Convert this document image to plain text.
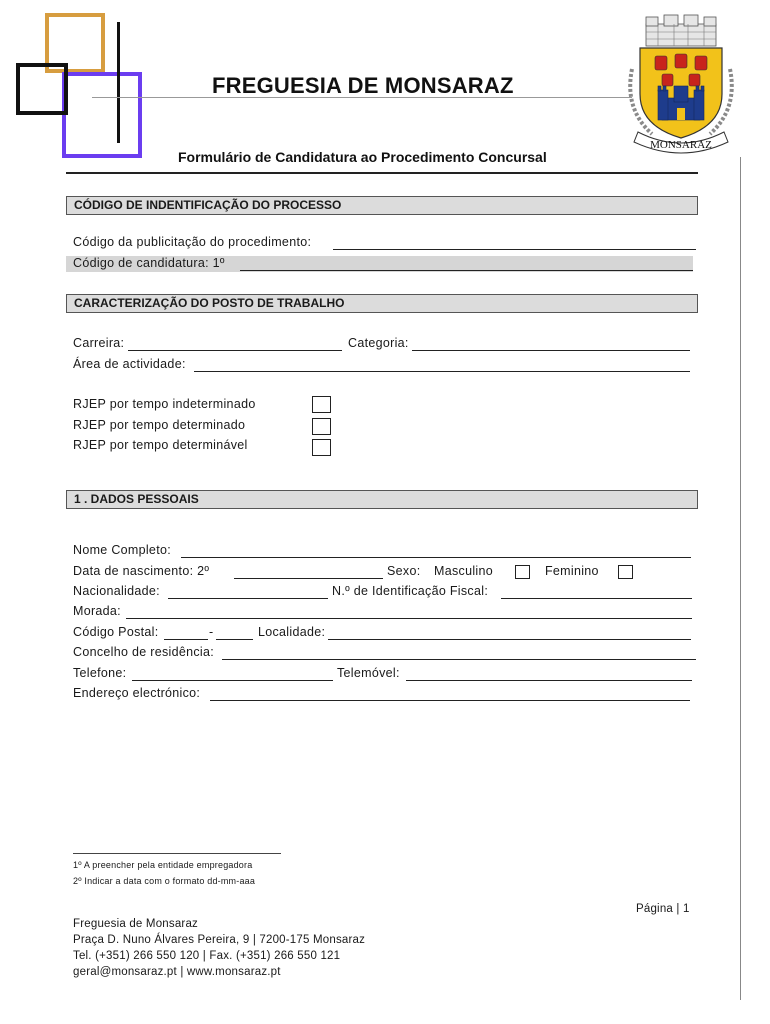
FREGUESIA DE MONSARAZ
MONSARAZ
Formulário de Candidatura ao Procedimento Concursal
CÓDIGO DE INDENTIFICAÇÃO DO PROCESSO
Código da publicitação do procedimento:
Código de candidatura: 1º
CARACTERIZAÇÃO DO POSTO DE TRABALHO
Carreira:	Categoria:
Área de actividade:
RJEP por tempo indeterminado
RJEP por tempo determinado
RJEP por tempo determinável
1 . DADOS PESSOAIS
Nome Completo:
Data de nascimento: 2º	Sexo: Masculino	Feminino
Nacionalidade:	N.º de Identificação Fiscal:
Morada:
Código Postal:	-	Localidade:
Concelho de residência:
Telefone:	Telemóvel:
Endereço electrónico:
1º A preencher pela entidade empregadora
2º Indicar a data com o formato dd-mm-aaa
Página | 1
Freguesia de Monsaraz
Praça D. Nuno Álvares Pereira, 9 | 7200-175 Monsaraz
Tel. (+351) 266 550 120 | Fax. (+351) 266 550 121
geral@monsaraz.pt | www.monsaraz.pt
